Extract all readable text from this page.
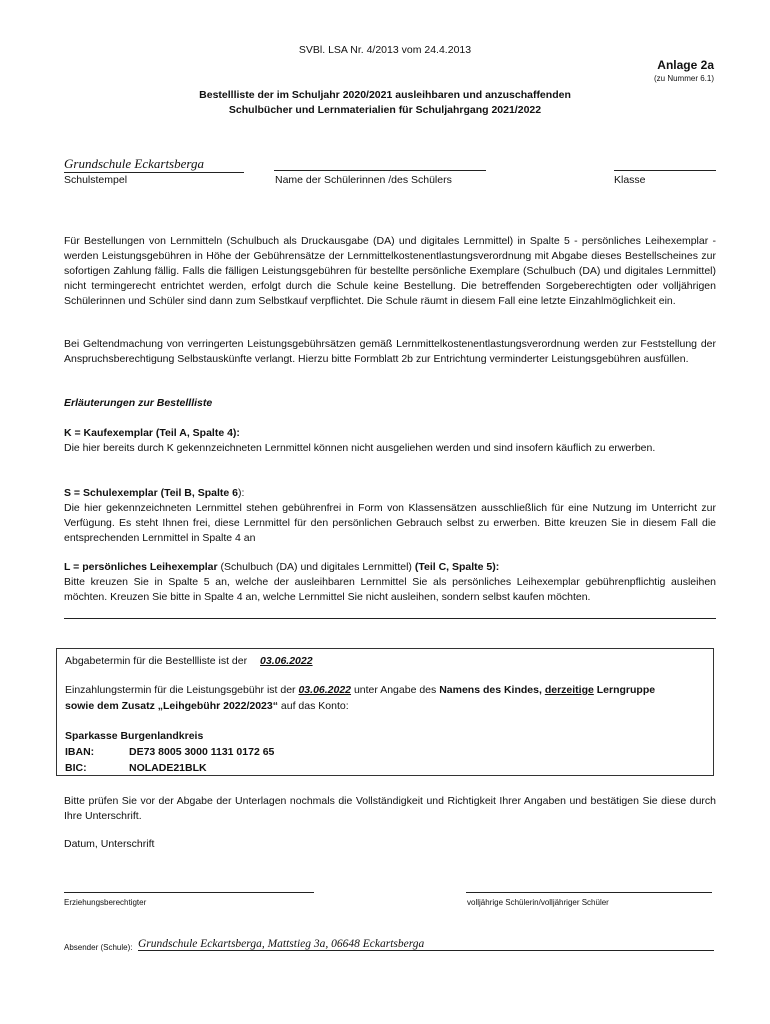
SVBl. LSA Nr. 4/2013 vom 24.4.2013
Anlage 2a
(zu Nummer 6.1)
Bestellliste der im Schuljahr 2020/2021 ausleihbaren und anzuschaffenden
Schulbücher und Lernmaterialien für Schuljahrgang 2021/2022
Grundschule Eckartsberga
Schulstempel	Name der Schülerinnen /des Schülers	Klasse
Für Bestellungen von Lernmitteln (Schulbuch als Druckausgabe (DA) und digitales Lernmittel) in Spalte 5 - persönliches Leihexemplar - werden Leistungsgebühren in Höhe der Gebührensätze der Lernmittelkostenentlastungsverordnung mit Abgabe dieses Bestellscheines zur sofortigen Zahlung fällig. Falls die fälligen Leistungsgebühren für bestellte persönliche Exemplare (Schulbuch (DA) und digitales Lernmittel) nicht termingerecht entrichtet werden, erfolgt durch die Schule keine Bestellung. Die betreffenden Sorgeberechtigten oder volljährigen Schülerinnen und Schüler sind dann zum Selbstkauf verpflichtet. Die Schule räumt in diesem Fall eine letzte Einzahlmöglichkeit ein.
Bei Geltendmachung von verringerten Leistungsgebührsätzen gemäß Lernmittelkostenentlastungsverordnung werden zur Feststellung der Anspruchsberechtigung Selbstauskünfte verlangt. Hierzu bitte Formblatt 2b zur Entrichtung verminderter Leistungsgebühren ausfüllen.
Erläuterungen zur Bestellliste

K = Kaufexemplar (Teil A, Spalte 4):

Die hier bereits durch K gekennzeichneten Lernmittel können nicht ausgeliehen werden und sind insofern käuflich zu erwerben.

S = Schulexemplar (Teil B, Spalte 6):

Die hier gekennzeichneten Lernmittel stehen gebührenfrei in Form von Klassensätzen ausschließlich für eine Nutzung im Unterricht zur Verfügung. Es steht Ihnen frei, diese Lernmittel für den persönlichen Gebrauch selbst zu erwerben. Bitte kreuzen Sie in diesem Fall die entsprechenden Lernmittel in Spalte 4 an

L = persönliches Leihexemplar (Schulbuch (DA) und digitales Lernmittel) (Teil C, Spalte 5):

Bitte kreuzen Sie in Spalte 5 an, welche der ausleihbaren Lernmittel Sie als persönliches Leihexemplar gebührenpflichtig ausleihen möchten. Kreuzen Sie bitte in Spalte 4 an, welche Lernmittel Sie nicht ausleihen, sondern selbst kaufen möchten.

Abgabetermin für die Bestellliste ist der 03.06.2022
Einzahlungstermin für die Leistungsgebühr ist der 03.06.2022 unter Angabe des Namens des Kindes, derzeitige Lerngruppe
sowie dem Zusatz „Leihgebühr 2022/2023“ auf das Konto:
Sparkasse Burgenlandkreis
IBAN:	DE73 8005 3000 1131 0172 65
BIC:	NOLADE21BLK
Bitte prüfen Sie vor der Abgabe der Unterlagen nochmals die Vollständigkeit und Richtigkeit Ihrer Angaben und bestätigen Sie diese durch Ihre Unterschrift.
Datum, Unterschrift
Erziehungsberechtigter	volljährige Schülerin/volljähriger Schüler
Absender (Schule): Grundschule Eckartsberga, Mattstieg 3a, 06648 Eckartsberga
